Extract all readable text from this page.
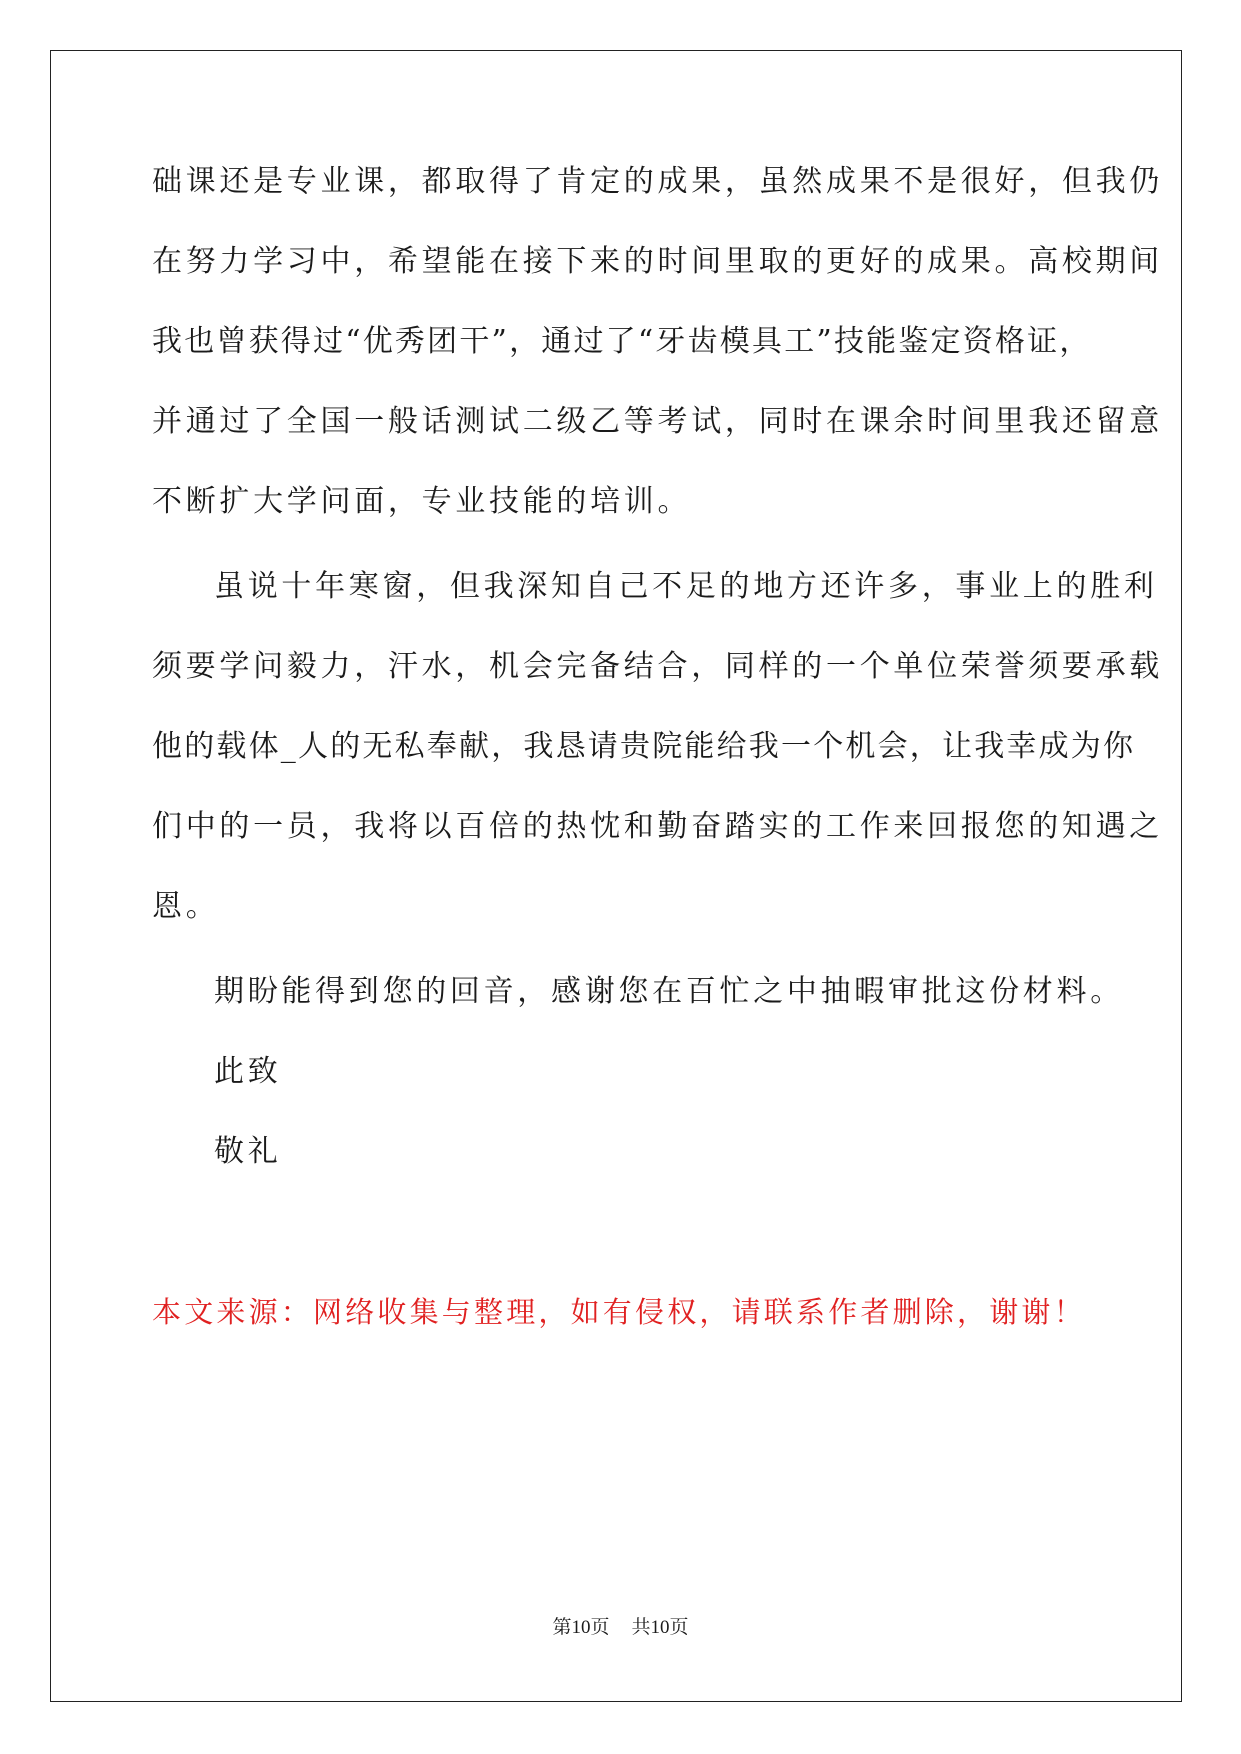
础课还是专业课，都取得了肯定的成果，虽然成果不是很好，但我仍
在努力学习中，希望能在接下来的时间里取的更好的成果。高校期间
我也曾获得过“优秀团干”，通过了“牙齿模具工”技能鉴定资格证，
并通过了全国一般话测试二级乙等考试，同时在课余时间里我还留意
不断扩大学问面，专业技能的培训。
虽说十年寒窗，但我深知自己不足的地方还许多，事业上的胜利
须要学问毅力，汗水，机会完备结合，同样的一个单位荣誉须要承载
他的载体_人的无私奉献，我恳请贵院能给我一个机会，让我幸成为你
们中的一员，我将以百倍的热忱和勤奋踏实的工作来回报您的知遇之
恩。
期盼能得到您的回音，感谢您在百忙之中抽暇审批这份材料。
此致
敬礼
本文来源：网络收集与整理，如有侵权，请联系作者删除，谢谢！
第10页 共10页
